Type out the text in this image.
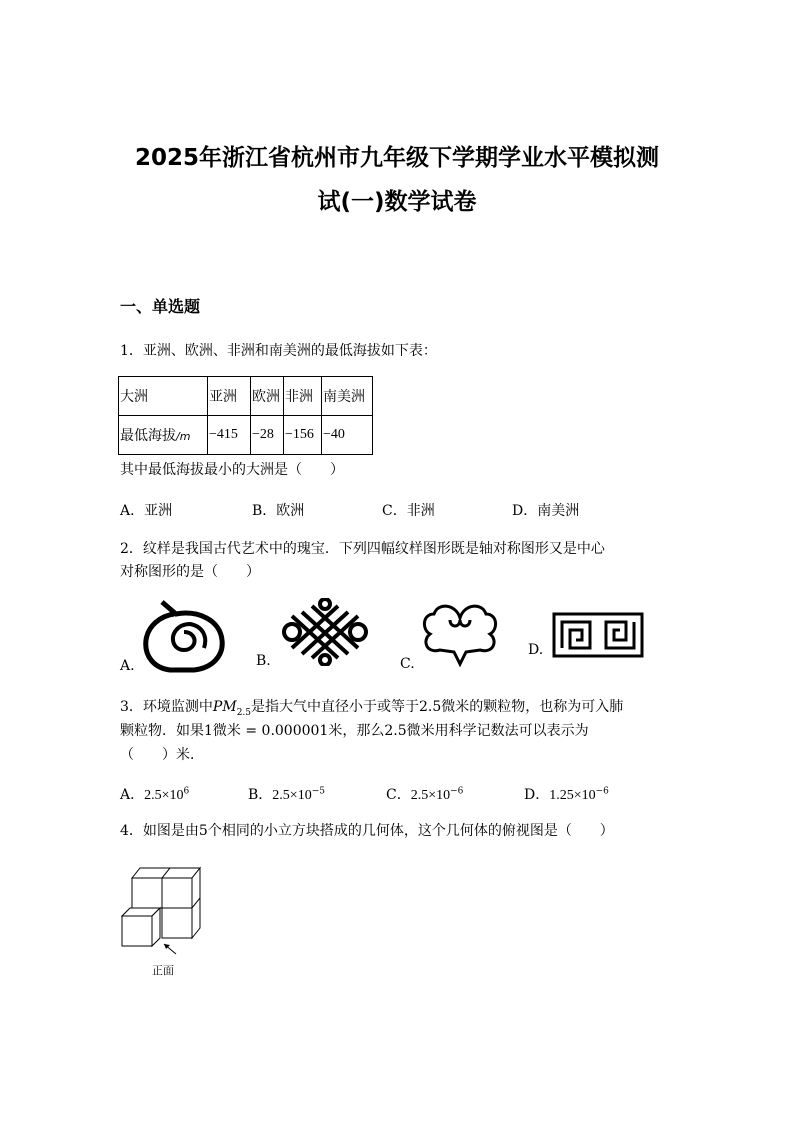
2025年浙江省杭州市九年级下学期学业水平模拟测
试(一)数学试卷
一、单选题
1．亚洲、欧洲、非洲和南美洲的最低海拔如下表：
大洲	亚洲	欧洲	非洲	南美洲
最低海拔/m	−415	−28	−156	−40
其中最低海拔最小的大洲是（　　）
A．亚洲	B．欧洲	C．非洲	D．南美洲
2．纹样是我国古代艺术中的瑰宝．下列四幅纹样图形既是轴对称图形又是中心
对称图形的是（　　）
A.	B.	C.
D.
3．环境监测中$PM_{2.5}$是指大气中直径小于或等于2.5微米的颗粒物，也称为可入肺
颗粒物．如果1微米 = 0.000001米，那么2.5微米用科学记数法可以表示为
（　　）米．
A．$2.5\times 10^6$	B．$2.5\times 10^{-5}$	C．$2.5\times 10^{-6}$	D．$1.25\times 10^{-6}$
4．如图是由5个相同的小立方块搭成的几何体，这个几何体的俯视图是（　　）
正面
